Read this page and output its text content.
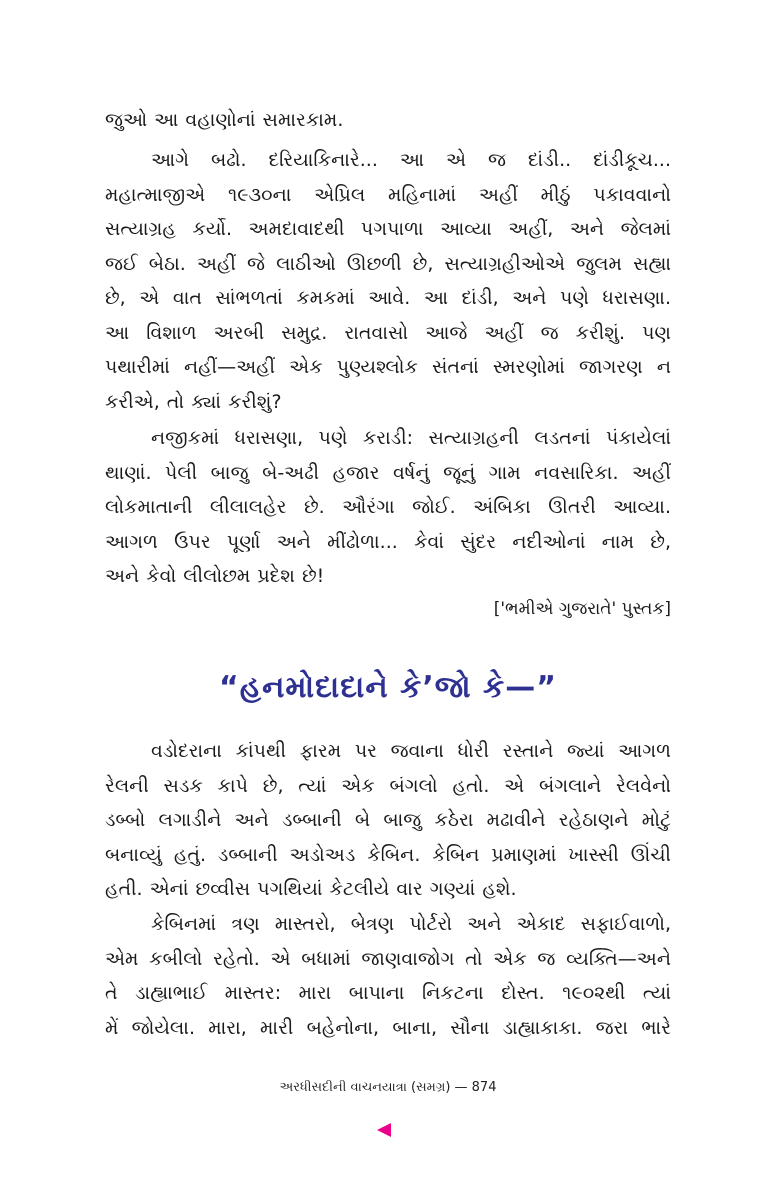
જુઓ આ વહાણોનાં સમારકામ.
આગે બઢો. દરિયાકિનારે... આ એ જ દાંડી.. દાંડીકૂચ...
મહાત્માજીએ ૧૯૩૦ના એપ્રિલ મહિનામાં અહીં મીઠું પકાવવાનો
સત્યાગ્રહ કર્યો. અમદાવાદથી પગપાળા આવ્યા અહીં, અને જેલમાં
જઈ બેઠા. અહીં જે લાઠીઓ ઊછળી છે, સત્યાગ્રહીઓએ જુલમ સહ્યા
છે, એ વાત સાંભળતાં કમકમાં આવે. આ દાંડી, અને પણે ધરાસણા.
આ વિશાળ અરબી સમુદ્ર. રાતવાસો આજે અહીં જ કરીશું. પણ
પથારીમાં નહીં—અહીં એક પુણ્યશ્લોક સંતનાં સ્મરણોમાં જાગરણ ન
કરીએ, તો ક્યાં કરીશું?
નજીકમાં ધરાસણા, પણે કરાડી: સત્યાગ્રહની લડતનાં પંકાયેલાં
થાણાં. પેલી બાજુ બે-અઢી હજાર વર્ષનું જૂનું ગામ નવસારિકા. અહીં
લોકમાતાની લીલાલહેર છે. ઔરંગા જોઈ. અંબિકા ઊતરી આવ્યા.
આગળ ઉપર પૂર્ણા અને મીંઢોળા... કેવાં સુંદર નદીઓનાં નામ છે,
અને કેવો લીલોછમ પ્રદેશ છે!

['ભમીએ ગુજરાતે' પુસ્તક]

“હનમોદાદાને કે’જો કે—”
વડોદરાના કાંપથી ફારમ પર જવાના ધોરી રસ્તાને જ્યાં આગળ
રેલની સડક કાપે છે, ત્યાં એક બંગલો હતો. એ બંગલાને રેલવેનો
ડબ્બો લગાડીને અને ડબ્બાની બે બાજુ કઠેરા મઢાવીને રહેઠાણને મોટું
બનાવ્યું હતું. ડબ્બાની અડોઅડ કેબિન. કેબિન પ્રમાણમાં ખાસ્સી ઊંચી
હતી. એનાં છવ્વીસ પગથિયાં કેટલીયે વાર ગણ્યાં હશે.
કેબિનમાં ત્રણ માસ્તરો, બેત્રણ પોર્ટરો અને એકાદ સફાઈવાળો,
એમ કબીલો રહેતો. એ બધામાં જાણવાજોગ તો એક જ વ્યક્તિ—અને
તે ડાહ્યાભાઈ માસ્તર: મારા બાપાના નિકટના દોસ્ત. ૧૯૦૨થી ત્યાં
મેં જોયેલા. મારા, મારી બહેનોના, બાના, સૌના ડાહ્યાકાકા. જરા ભારે

અરધીસદીની વાચનયાત્રા (સમગ્ર) — 874
